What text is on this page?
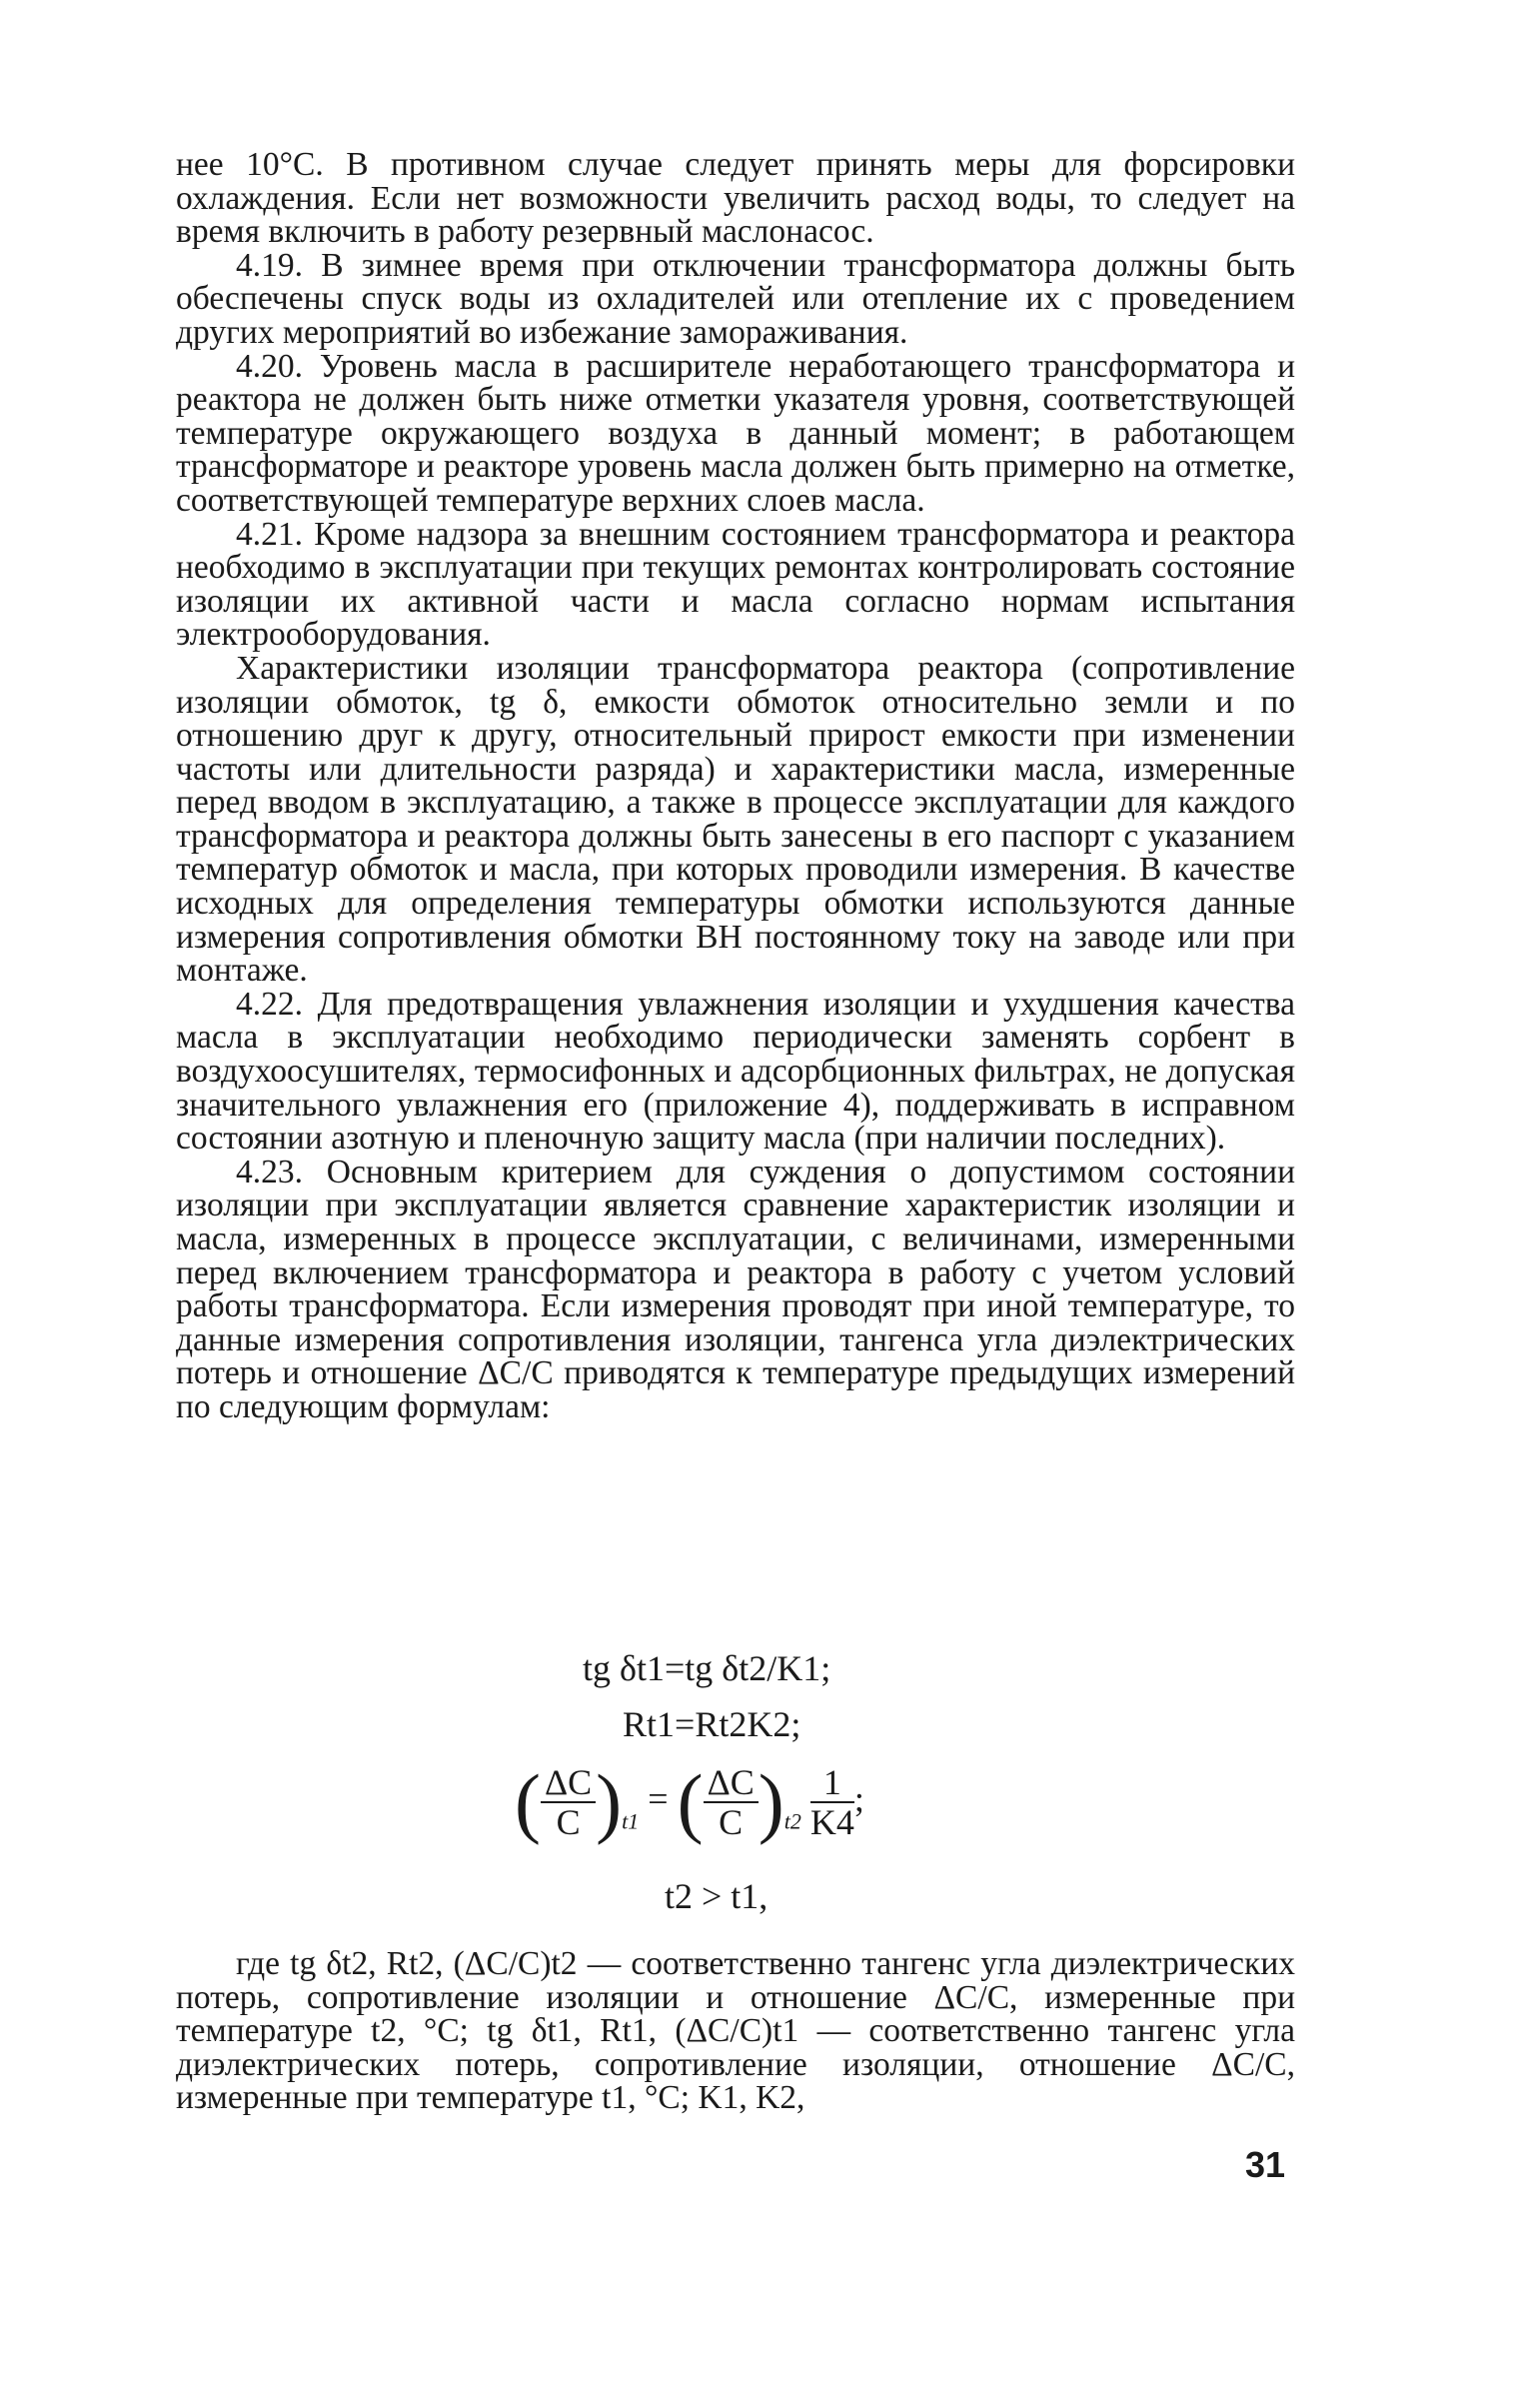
нее 10°С. В противном случае следует принять меры для форсировки охлаждения. Если нет возможности увеличить расход воды, то следует на время включить в работу резервный маслонасос.

4.19. В зимнее время при отключении трансформатора должны быть обеспечены спуск воды из охладителей или отепление их с проведением других мероприятий во избежание замораживания.

4.20. Уровень масла в расширителе неработающего трансформатора и реактора не должен быть ниже отметки указателя уровня, соответствующей температуре окружающего воздуха в данный момент; в работающем трансформаторе и реакторе уровень масла должен быть примерно на отметке, соответствующей температуре верхних слоев масла.

4.21. Кроме надзора за внешним состоянием трансформатора и реактора необходимо в эксплуатации при текущих ремонтах контролировать состояние изоляции их активной части и масла согласно нормам испытания электрооборудования.

Характеристики изоляции трансформатора реактора (сопротивление изоляции обмоток, tg δ, емкости обмоток относительно земли и по отношению друг к другу, относительный прирост емкости при изменении частоты или длительности разряда) и характеристики масла, измеренные перед вводом в эксплуатацию, а также в процессе эксплуатации для каждого трансформатора и реактора должны быть занесены в его паспорт с указанием температур обмоток и масла, при которых проводили измерения. В качестве исходных для определения температуры обмотки используются данные измерения сопротивления обмотки ВН постоянному току на заводе или при монтаже.

4.22. Для предотвращения увлажнения изоляции и ухудшения качества масла в эксплуатации необходимо периодически заменять сорбент в воздухоосушителях, термосифонных и адсорбционных фильтрах, не допуская значительного увлажнения его (приложение 4), поддерживать в исправном состоянии азотную и пленочную защиту масла (при наличии последних).

4.23. Основным критерием для суждения о допустимом состоянии изоляции при эксплуатации является сравнение характеристик изоляции и масла, измеренных в процессе эксплуатации, с величинами, измеренными перед включением трансформатора и реактора в работу с учетом условий работы трансформатора. Если измерения проводят при иной температуре, то данные измерения сопротивления изоляции, тангенса угла диэлектрических потерь и отношение ΔC/C приводятся к температуре предыдущих измерений по следующим формулам:

tg δt1=tg δt2/K1;
Rt1=Rt2K2;
( $\frac{\Delta C}{C} )_{t1}$ = ( $\frac{\Delta C}{C} )_{t2} \frac{1}{K4}$ ;
t2 > t1,

где tg δt2, Rt2, (ΔC/C)t2 — соответственно тангенс угла диэлектрических потерь, сопротивление изоляции и отношение ΔC/C, измеренные при температуре t2, °С; tg δt1, Rt1, (ΔC/C)t1 — соответственно тангенс угла диэлектрических потерь, сопротивление изоляции, отношение ΔC/C, измеренные при температуре t1, °С; K1, K2,

31
